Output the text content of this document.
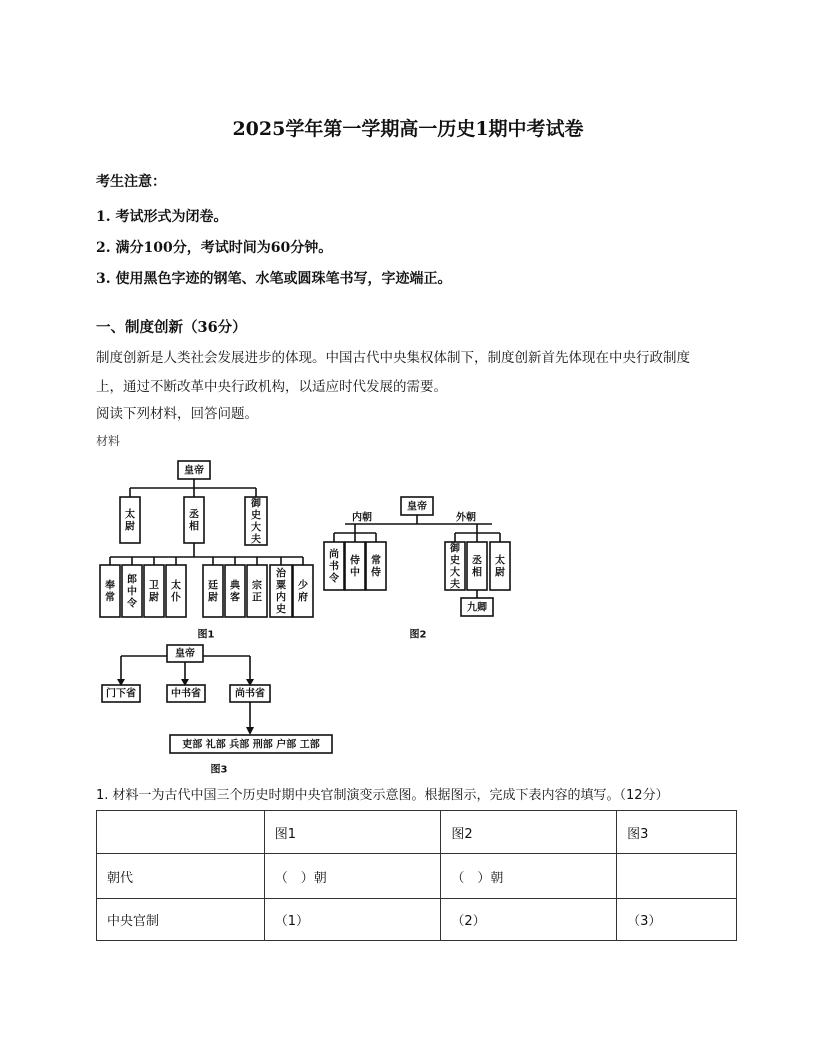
2025学年第一学期高一历史1期中考试卷
考生注意：
1. 考试形式为闭卷。
2. 满分100分，考试时间为60分钟。
3. 使用黑色字迹的钢笔、水笔或圆珠笔书写，字迹端正。
一、制度创新（36分）
制度创新是人类社会发展进步的体现。中国古代中央集权体制下，制度创新首先体现在中央行政制度
上，通过不断改革中央行政机构，以适应时代发展的需要。
阅读下列材料，回答问题。
材料
皇帝
太尉
丞相
御史大夫
奉常
郎中令
卫尉
太仆
廷尉
典客
宗正
治粟内史
少府
图1
皇帝
内朝	外朝
尚书令
侍中
常侍
御史大夫
丞相
太尉
九卿
图2
皇帝
门下省	中书省	尚书省
吏部 礼部 兵部 刑部 户部 工部
图3
1. 材料一为古代中国三个历史时期中央官制演变示意图。根据图示，完成下表内容的填写。（12分）
	图1	图2	图3
朝代	（　）朝	（　）朝	
中央官制	（1）	（2）	（3）
